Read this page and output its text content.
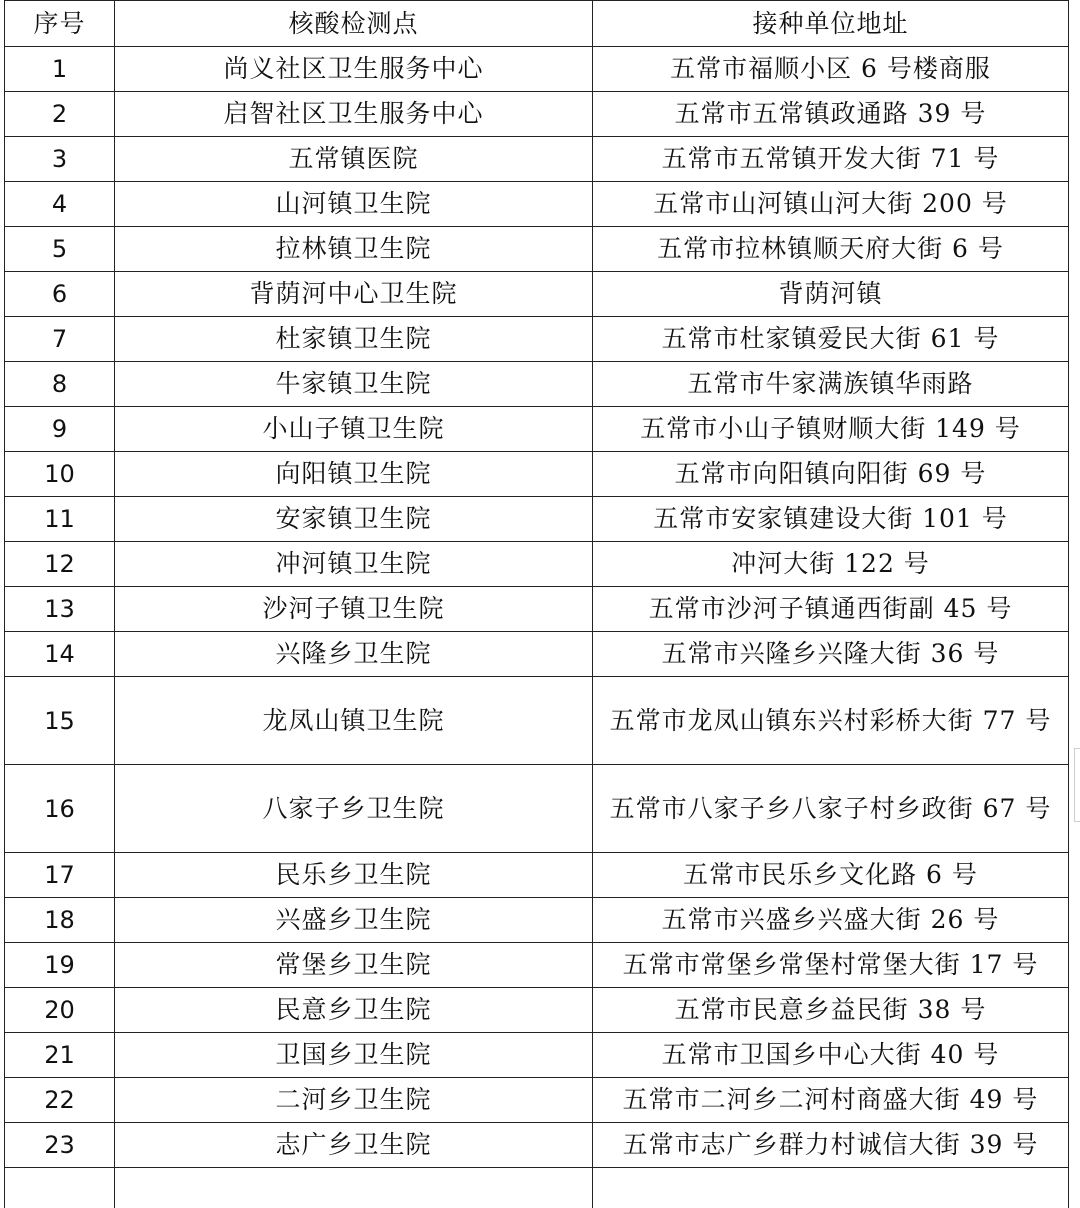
序号	核酸检测点	接种单位地址
1	尚义社区卫生服务中心	五常市福顺小区 6 号楼商服
2	启智社区卫生服务中心	五常市五常镇政通路 39 号
3	五常镇医院	五常市五常镇开发大街 71 号
4	山河镇卫生院	五常市山河镇山河大街 200 号
5	拉林镇卫生院	五常市拉林镇顺天府大街 6 号
6	背荫河中心卫生院	背荫河镇
7	杜家镇卫生院	五常市杜家镇爱民大街 61 号
8	牛家镇卫生院	五常市牛家满族镇华雨路
9	小山子镇卫生院	五常市小山子镇财顺大街 149 号
10	向阳镇卫生院	五常市向阳镇向阳街 69 号
11	安家镇卫生院	五常市安家镇建设大街 101 号
12	冲河镇卫生院	冲河大街 122 号
13	沙河子镇卫生院	五常市沙河子镇通西街副 45 号
14	兴隆乡卫生院	五常市兴隆乡兴隆大街 36 号
15	龙凤山镇卫生院	五常市龙凤山镇东兴村彩桥大街 77 号
16	八家子乡卫生院	五常市八家子乡八家子村乡政街 67 号
17	民乐乡卫生院	五常市民乐乡文化路 6 号
18	兴盛乡卫生院	五常市兴盛乡兴盛大街 26 号
19	常堡乡卫生院	五常市常堡乡常堡村常堡大街 17 号
20	民意乡卫生院	五常市民意乡益民街 38 号
21	卫国乡卫生院	五常市卫国乡中心大街 40 号
22	二河乡卫生院	五常市二河乡二河村商盛大街 49 号
23	志广乡卫生院	五常市志广乡群力村诚信大街 39 号
